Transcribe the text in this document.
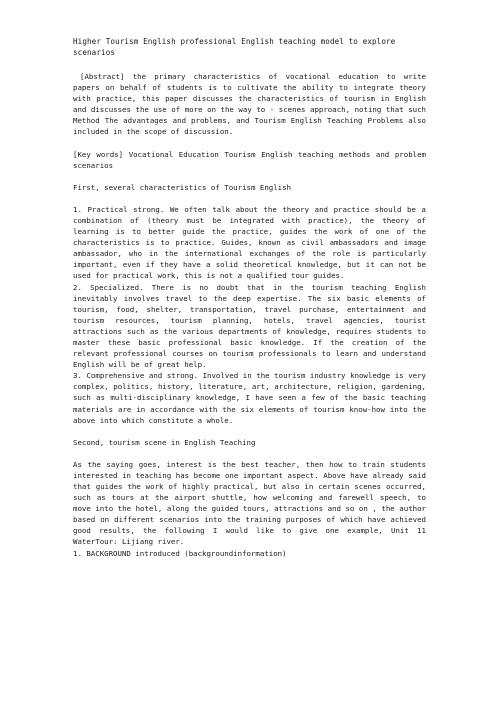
Higher Tourism English professional English teaching model to explore scenarios

[Abstract] the primary characteristics of vocational education to write papers on behalf of students is to cultivate the ability to integrate theory with practice, this paper discusses the characteristics of tourism in English and discusses the use of more on the way to - scenes approach, noting that such Method The advantages and problems, and Tourism English Teaching Problems also included in the scope of discussion.

[Key words] Vocational Education Tourism English teaching methods and problem scenarios

First, several characteristics of Tourism English

1. Practical strong. We often talk about the theory and practice should be a combination of (theory must be integrated with practice), the theory of learning is to better guide the practice, guides the work of one of the characteristics is to practice. Guides, known as civil ambassadors and image ambassador, who in the international exchanges of the role is particularly important, even if they have a solid theoretical knowledge, but it can not be used for practical work, this is not a qualified tour guides.

2. Specialized. There is no doubt that in the tourism teaching English inevitably involves travel to the deep expertise. The six basic elements of tourism, food, shelter, transportation, travel purchase, entertainment and tourism resources, tourism planning, hotels, travel agencies, tourist attractions such as the various departments of knowledge, requires students to master these basic professional basic knowledge. If the creation of the relevant professional courses on tourism professionals to learn and understand English will be of great help.

3. Comprehensive and strong. Involved in the tourism industry knowledge is very complex, politics, history, literature, art, architecture, religion, gardening, such as multi-disciplinary knowledge, I have seen a few of the basic teaching materials are in accordance with the six elements of tourism know-how into the above into which constitute a whole.

Second, tourism scene in English Teaching

As the saying goes, interest is the best teacher, then how to train students interested in teaching has become one important aspect. Above have already said that guides the work of highly practical, but also in certain scenes occurred, such as tours at the airport shuttle, how welcoming and farewell speech, to move into the hotel, along the guided tours, attractions and so on , the author based on different scenarios into the training purposes of which have achieved good results, the following I would like to give one example, Unit 11 WaterTour: Lijiang river.

1. BACKGROUND introduced (backgroundinformation)
